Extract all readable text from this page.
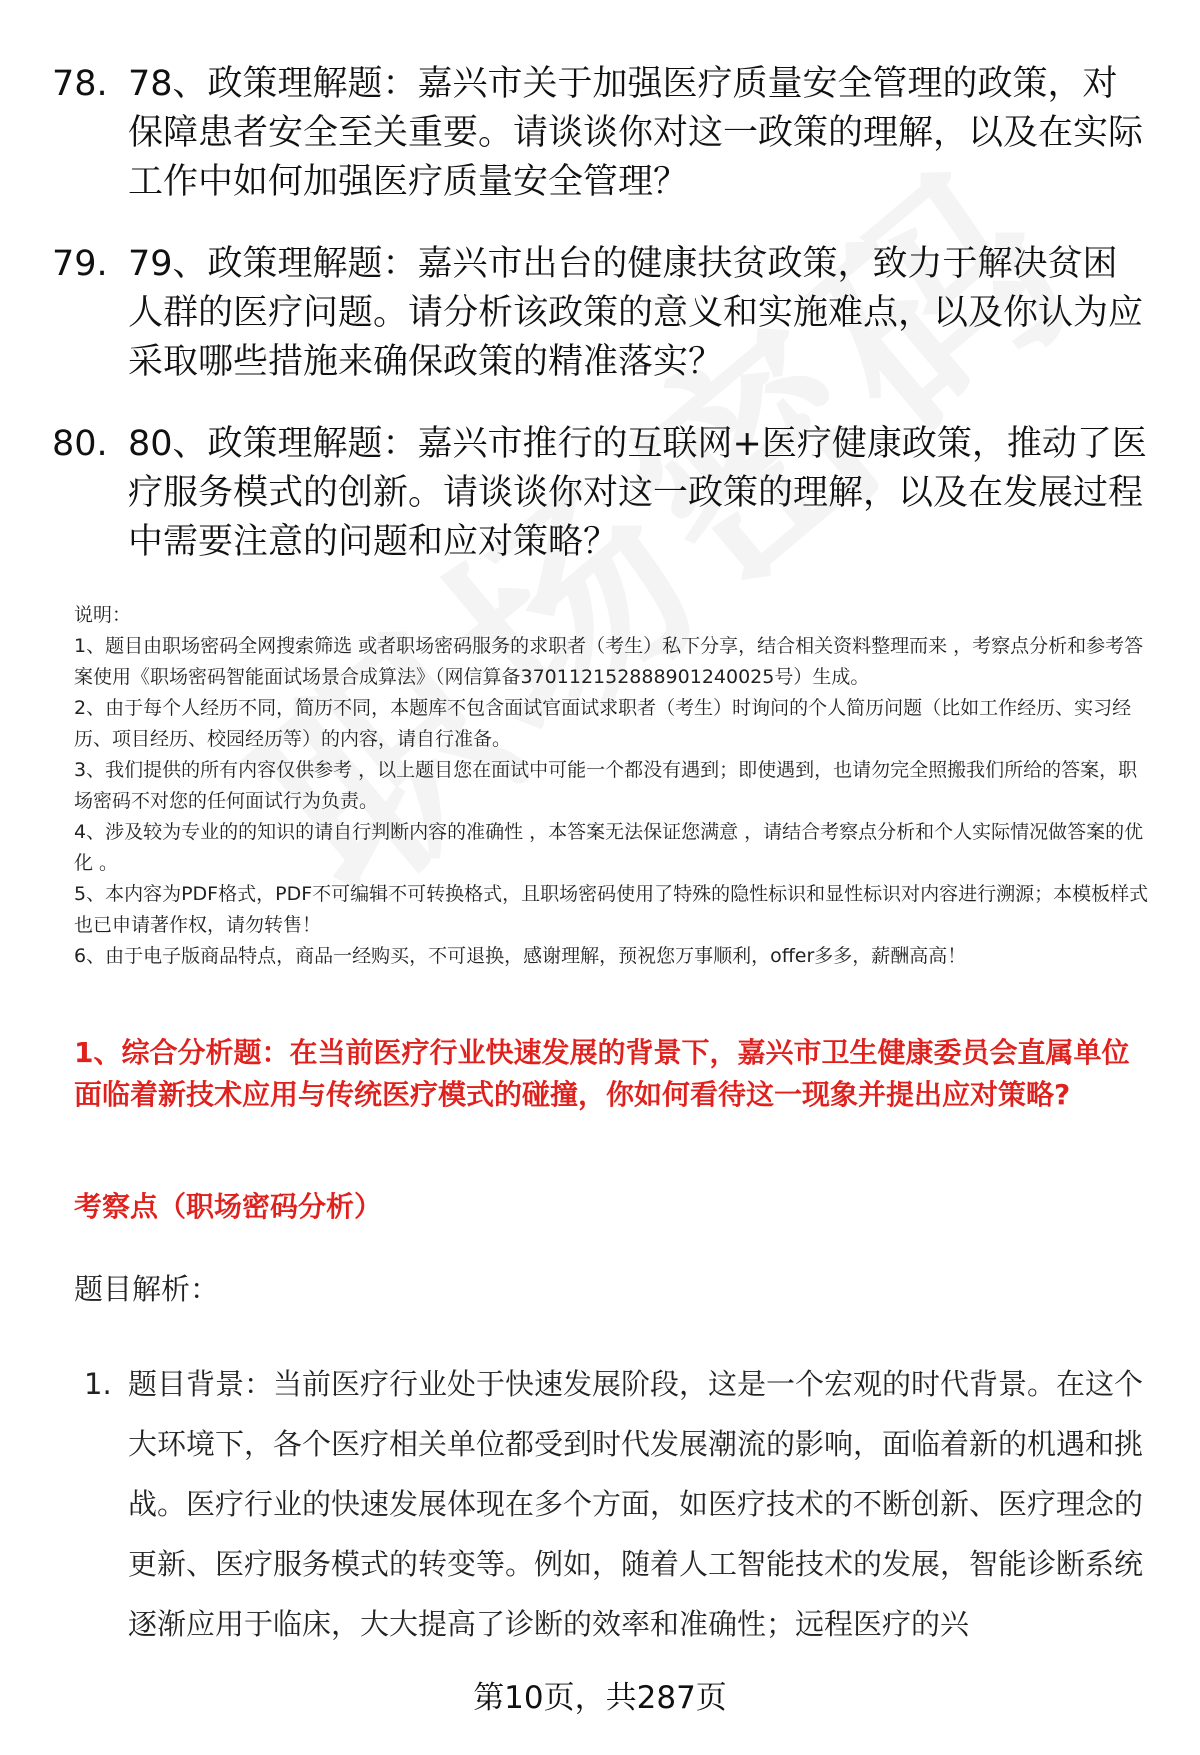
78. 78、政策理解题：嘉兴市关于加强医疗质量安全管理的政策，对保障患者安全至关重要。请谈谈你对这一政策的理解，以及在实际工作中如何加强医疗质量安全管理？
79. 79、政策理解题：嘉兴市出台的健康扶贫政策，致力于解决贫困人群的医疗问题。请分析该政策的意义和实施难点，以及你认为应采取哪些措施来确保政策的精准落实？
80. 80、政策理解题：嘉兴市推行的互联网+医疗健康政策，推动了医疗服务模式的创新。请谈谈你对这一政策的理解，以及在发展过程中需要注意的问题和应对策略？

说明：

1、题目由职场密码全网搜索筛选 或者职场密码服务的求职者（考生）私下分享，结合相关资料整理而来 ，考察点分析和参考答案使用《职场密码智能面试场景合成算法》（网信算备370112152888901240025号）生成。

2、由于每个人经历不同，简历不同，本题库不包含面试官面试求职者（考生）时询问的个人简历问题（比如工作经历、实习经历、项目经历、校园经历等）的内容，请自行准备。

3、我们提供的所有内容仅供参考 ，以上题目您在面试中可能一个都没有遇到；即使遇到，也请勿完全照搬我们所给的答案，职场密码不对您的任何面试行为负责。

4、涉及较为专业的的知识的请自行判断内容的准确性 ，本答案无法保证您满意 ，请结合考察点分析和个人实际情况做答案的优化 。

5、本内容为PDF格式，PDF不可编辑不可转换格式，且职场密码使用了特殊的隐性标识和显性标识对内容进行溯源；本模板样式也已申请著作权，请勿转售！

6、由于电子版商品特点，商品一经购买，不可退换，感谢理解，预祝您万事顺利，offer多多，薪酬高高！

1、综合分析题：在当前医疗行业快速发展的背景下，嘉兴市卫生健康委员会直属单位面临着新技术应用与传统医疗模式的碰撞，你如何看待这一现象并提出应对策略?
考察点（职场密码分析）
题目解析：
1. 题目背景：当前医疗行业处于快速发展阶段，这是一个宏观的时代背景。在这个大环境下，各个医疗相关单位都受到时代发展潮流的影响，面临着新的机遇和挑战。医疗行业的快速发展体现在多个方面，如医疗技术的不断创新、医疗理念的更新、医疗服务模式的转变等。例如，随着人工智能技术的发展，智能诊断系统逐渐应用于临床，大大提高了诊断的效率和准确性；远程医疗的兴
第10页，共287页
